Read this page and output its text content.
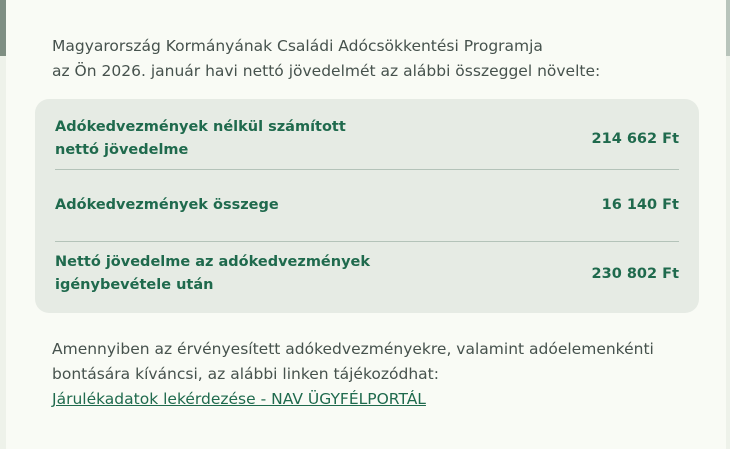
Magyarország Kormányának Családi Adócsökkentési Programja
az Ön 2026. január havi nettó jövedelmét az alábbi összeggel növelte:
Adókedvezmények nélkül számított
nettó jövedelme
214 662 Ft
Adókedvezmények összege	16 140 Ft
Nettó jövedelme az adókedvezmények
igénybevétele után
230 802 Ft
Amennyiben az érvényesített adókedvezményekre, valamint adóelemenkénti
bontására kíváncsi, az alábbi linken tájékozódhat:
Járulékadatok lekérdezése - NAV ÜGYFÉLPORTÁL
